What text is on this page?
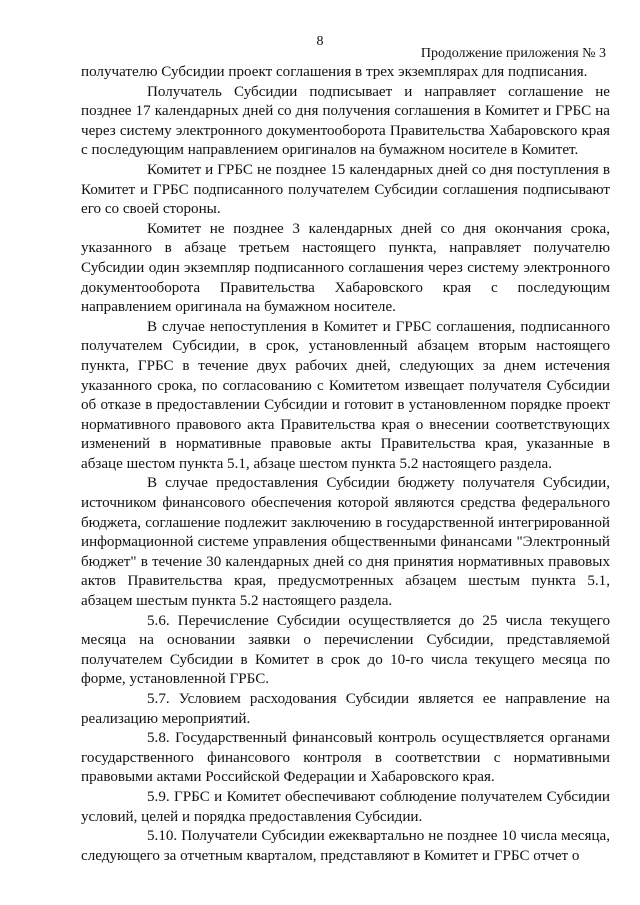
8
Продолжение приложения № 3

получателю Субсидии проект соглашения в трех экземплярах для подписания.

Получатель Субсидии подписывает и направляет соглашение не позднее 17 календарных дней со дня получения соглашения в Комитет и ГРБС на через систему электронного документооборота Правительства Хабаровского края с последующим направлением оригиналов на бумажном носителе в Комитет.

Комитет и ГРБС не позднее 15 календарных дней со дня поступления в Комитет и ГРБС подписанного получателем Субсидии соглашения подписывают его со своей стороны.

Комитет не позднее 3 календарных дней со дня окончания срока, указанного в абзаце третьем настоящего пункта, направляет получателю Субсидии один экземпляр подписанного соглашения через систему электронного документооборота Правительства Хабаровского края с последующим направлением оригинала на бумажном носителе.

В случае непоступления в Комитет и ГРБС соглашения, подписанного получателем Субсидии, в срок, установленный абзацем вторым настоящего пункта, ГРБС в течение двух рабочих дней, следующих за днем истечения указанного срока, по согласованию с Комитетом извещает получателя Субсидии об отказе в предоставлении Субсидии и готовит в установленном порядке проект нормативного правового акта Правительства края о внесении соответствующих изменений в нормативные правовые акты Правительства края, указанные в абзаце шестом пункта 5.1, абзаце шестом пункта 5.2 настоящего раздела.

В случае предоставления Субсидии бюджету получателя Субсидии, источником финансового обеспечения которой являются средства федерального бюджета, соглашение подлежит заключению в государственной интегрированной информационной системе управления общественными финансами "Электронный бюджет" в течение 30 календарных дней со дня принятия нормативных правовых актов Правительства края, предусмотренных абзацем шестым пункта 5.1, абзацем шестым пункта 5.2 настоящего раздела.

5.6. Перечисление Субсидии осуществляется до 25 числа текущего месяца на основании заявки о перечислении Субсидии, представляемой получателем Субсидии в Комитет в срок до 10-го числа текущего месяца по форме, установленной ГРБС.

5.7. Условием расходования Субсидии является ее направление на реализацию мероприятий.

5.8. Государственный финансовый контроль осуществляется органами государственного финансового контроля в соответствии с нормативными правовыми актами Российской Федерации и Хабаровского края.

5.9. ГРБС и Комитет обеспечивают соблюдение получателем Субсидии условий, целей и порядка предоставления Субсидии.

5.10. Получатели Субсидии ежеквартально не позднее 10 числа месяца, следующего за отчетным кварталом, представляют в Комитет и ГРБС отчет о
